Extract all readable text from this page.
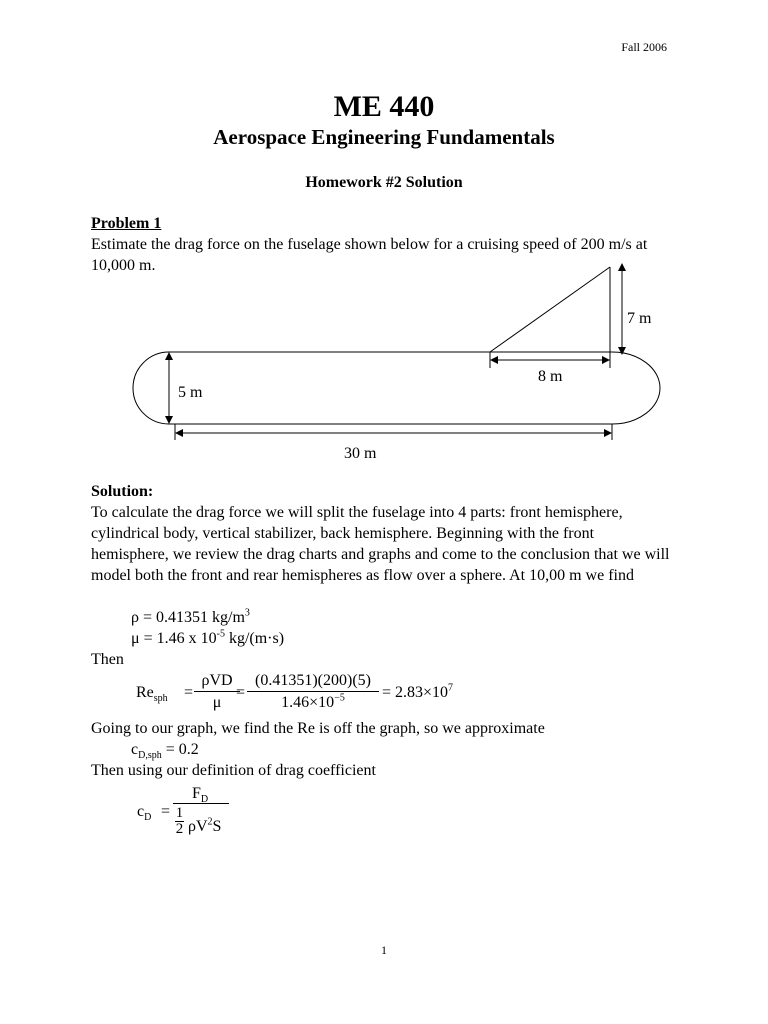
Fall 2006
ME 440
Aerospace Engineering Fundamentals
Homework #2 Solution
Problem 1
Estimate the drag force on the fuselage shown below for a cruising speed of 200 m/s at 10,000 m.
7 m
8 m
5 m
30 m
Solution:
To calculate the drag force we will split the fuselage into 4 parts: front hemisphere, cylindrical body, vertical stabilizer, back hemisphere. Beginning with the front hemisphere, we review the drag charts and graphs and come to the conclusion that we will model both the front and rear hemispheres as flow over a sphere. At 10,00 m we find
ρ = 0.41351 $kg/m^3$
μ = 1.46 x $10^{-5}$ kg/(m·s)
Then
$Re_{sph}$ =
ρVD
μ
=
(0.41351)(200)(5)
$1.46\times 10^{-5}$	= $2.83\times 10^7$
Going to our graph, we find the Re is off the graph, so we approximate
$c_{D,sph} = 0.2$
Then using our definition of drag coefficient
$c_D$ =
$F_D$
1
2 $\rho V^2S$
1
